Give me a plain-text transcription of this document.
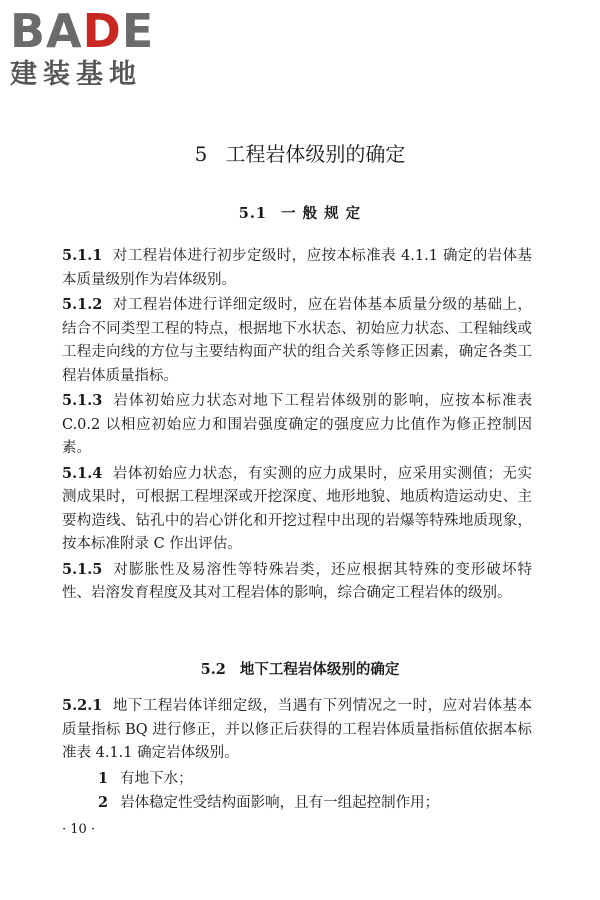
BADE
建装基地
5 工程岩体级别的确定
5.1 一 般 规 定

5.1.1 对工程岩体进行初步定级时，应按本标准表 4.1.1 确定的岩体基本质量级别作为岩体级别。

5.1.2 对工程岩体进行详细定级时，应在岩体基本质量分级的基础上，结合不同类型工程的特点，根据地下水状态、初始应力状态、工程轴线或工程走向线的方位与主要结构面产状的组合关系等修正因素，确定各类工程岩体质量指标。

5.1.3 岩体初始应力状态对地下工程岩体级别的影响，应按本标准表 C.0.2 以相应初始应力和围岩强度确定的强度应力比值作为修正控制因素。

5.1.4 岩体初始应力状态，有实测的应力成果时，应采用实测值；无实测成果时，可根据工程埋深或开挖深度、地形地貌、地质构造运动史、主要构造线、钻孔中的岩心饼化和开挖过程中出现的岩爆等特殊地质现象，按本标准附录 C 作出评估。

5.1.5 对膨胀性及易溶性等特殊岩类，还应根据其特殊的变形破坏特性、岩溶发育程度及其对工程岩体的影响，综合确定工程岩体的级别。

5.2 地下工程岩体级别的确定

5.2.1 地下工程岩体详细定级，当遇有下列情况之一时，应对岩体基本质量指标 BQ 进行修正，并以修正后获得的工程岩体质量指标值依据本标准表 4.1.1 确定岩体级别。

1 有地下水；

2 岩体稳定性受结构面影响，且有一组起控制作用；

· 10 ·
